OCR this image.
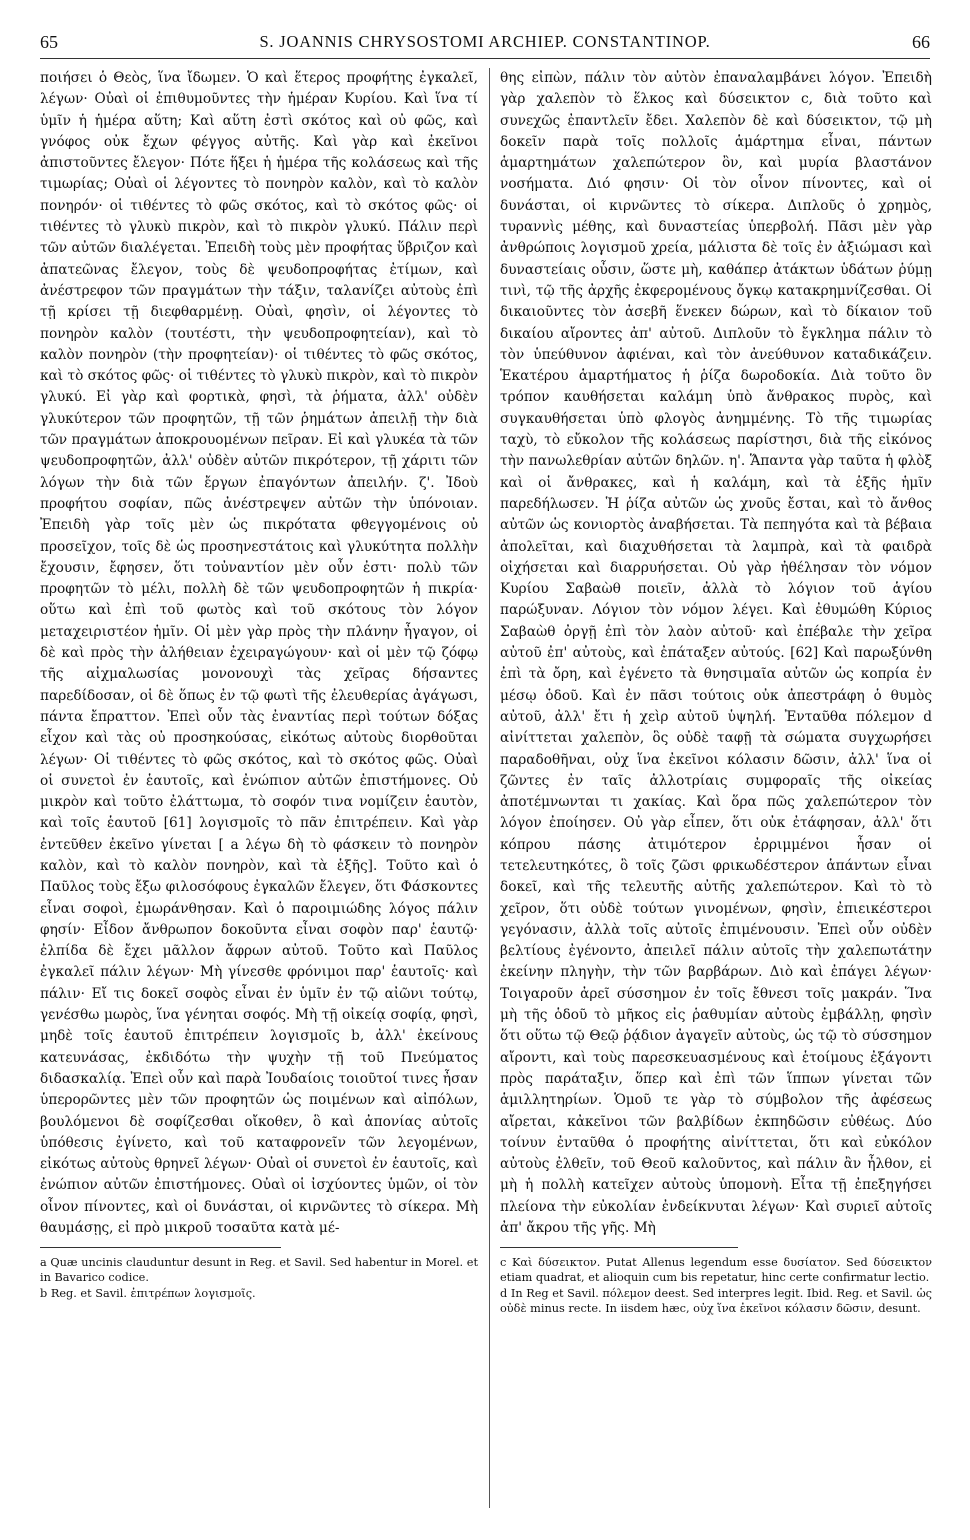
65	S. JOANNIS CHRYSOSTOMI ARCHIEP. CONSTANTINOP.	66

ποιήσει ὁ Θεὸς, ἵνα ἴδωμεν. Ὁ καὶ ἕτερος προφήτης ἐγκαλεῖ, λέγων· Οὐαὶ οἱ ἐπιθυμοῦντες τὴν ἡμέραν Κυρίου. Καὶ ἵνα τί ὑμῖν ἡ ἡμέρα αὕτη; Καὶ αὕτη ἐστὶ σκότος καὶ οὐ φῶς, καὶ γνόφος οὐκ ἔχων φέγγος αὐτῆς. Καὶ γὰρ καὶ ἐκεῖνοι ἀπιστοῦντες ἔλεγον· Πότε ἥξει ἡ ἡμέρα τῆς κολάσεως καὶ τῆς τιμωρίας; Οὐαὶ οἱ λέγοντες τὸ πονηρὸν καλὸν, καὶ τὸ καλὸν πονηρόν· οἱ τιθέντες τὸ φῶς σκότος, καὶ τὸ σκότος φῶς· οἱ τιθέντες τὸ γλυκὺ πικρὸν, καὶ τὸ πικρὸν γλυκύ. Πάλιν περὶ τῶν αὐτῶν διαλέγεται. Ἐπειδὴ τοὺς μὲν προφήτας ὕβριζον καὶ ἀπατεῶνας ἔλεγον, τοὺς δὲ ψευδοπροφήτας ἐτίμων, καὶ ἀνέστρεφον τῶν πραγμάτων τὴν τάξιν, ταλανίζει αὐτοὺς ἐπὶ τῇ κρίσει τῇ διεφθαρμένῃ. Οὐαὶ, φησὶν, οἱ λέγοντες τὸ πονηρὸν καλὸν (τουτέστι, τὴν ψευδοπροφητείαν), καὶ τὸ καλὸν πονηρὸν (τὴν προφητείαν)· οἱ τιθέντες τὸ φῶς σκότος, καὶ τὸ σκότος φῶς· οἱ τιθέντες τὸ γλυκὺ πικρὸν, καὶ τὸ πικρὸν γλυκύ. Εἰ γὰρ καὶ φορτικὰ, φησὶ, τὰ ῥήματα, ἀλλ' οὐδὲν γλυκύτερον τῶν προφητῶν, τῇ τῶν ῥημάτων ἀπειλῇ τὴν διὰ τῶν πραγμάτων ἀποκρουομένων πεῖραν. Εἰ καὶ γλυκέα τὰ τῶν ψευδοπροφητῶν, ἀλλ' οὐδὲν αὐτῶν πικρότερον, τῇ χάριτι τῶν λόγων τὴν διὰ τῶν ἔργων ἐπαγόντων ἀπειλήν. ζ'. Ἰδοὺ προφήτου σοφίαν, πῶς ἀνέστρεψεν αὐτῶν τὴν ὑπόνοιαν. Ἐπειδὴ γὰρ τοῖς μὲν ὡς πικρότατα φθεγγομένοις οὐ προσεῖχον, τοῖς δὲ ὡς προσηνεστάτοις καὶ γλυκύτητα πολλὴν ἔχουσιν, ἔφησεν, ὅτι τοὐναντίον μὲν οὖν ἐστι· πολὺ τῶν προφητῶν τὸ μέλι, πολλὴ δὲ τῶν ψευδοπροφητῶν ἡ πικρία· οὕτω καὶ ἐπὶ τοῦ φωτὸς καὶ τοῦ σκότους τὸν λόγον μεταχειριστέον ἡμῖν. Οἱ μὲν γὰρ πρὸς τὴν πλάνην ἦγαγον, οἱ δὲ καὶ πρὸς τὴν ἀλήθειαν ἐχειραγώγουν· καὶ οἱ μὲν τῷ ζόφῳ τῆς αἰχμαλωσίας μονονουχὶ τὰς χεῖρας δήσαντες παρεδίδοσαν, οἱ δὲ ὅπως ἐν τῷ φωτὶ τῆς ἐλευθερίας ἀγάγωσι, πάντα ἔπραττον. Ἐπεὶ οὖν τὰς ἐναντίας περὶ τούτων δόξας εἶχον καὶ τὰς οὐ προσηκούσας, εἰκότως αὐτοὺς διορθοῦται λέγων· Οἱ τιθέντες τὸ φῶς σκότος, καὶ τὸ σκότος φῶς. Οὐαὶ οἱ συνετοὶ ἐν ἑαυτοῖς, καὶ ἐνώπιον αὐτῶν ἐπιστήμονες. Οὐ μικρὸν καὶ τοῦτο ἐλάττωμα, τὸ σοφόν τινα νομίζειν ἑαυτὸν, καὶ τοῖς ἑαυτοῦ [61] λογισμοῖς τὸ πᾶν ἐπιτρέπειν. Καὶ γὰρ ἐντεῦθεν ἐκεῖνο γίνεται [ a λέγω δὴ τὸ φάσκειν τὸ πονηρὸν καλὸν, καὶ τὸ καλὸν πονηρὸν, καὶ τὰ ἑξῆς]. Τοῦτο καὶ ὁ Παῦλος τοὺς ἔξω φιλοσόφους ἐγκαλῶν ἔλεγεν, ὅτι Φάσκοντες εἶναι σοφοὶ, ἐμωράνθησαν. Καὶ ὁ παροιμιώδης λόγος πάλιν φησίν· Εἶδον ἄνθρωπον δοκοῦντα εἶναι σοφὸν παρ' ἑαυτῷ· ἐλπίδα δὲ ἔχει μᾶλλον ἄφρων αὐτοῦ. Τοῦτο καὶ Παῦλος ἐγκαλεῖ πάλιν λέγων· Μὴ γίνεσθε φρόνιμοι παρ' ἑαυτοῖς· καὶ πάλιν· Εἴ τις δοκεῖ σοφὸς εἶναι ἐν ὑμῖν ἐν τῷ αἰῶνι τούτῳ, γενέσθω μωρὸς, ἵνα γένηται σοφός. Μὴ τῇ οἰκείᾳ σοφίᾳ, φησὶ, μηδὲ τοῖς ἑαυτοῦ ἐπιτρέπειν λογισμοῖς b, ἀλλ' ἐκείνους κατευνάσας, ἐκδιδότω τὴν ψυχὴν τῇ τοῦ Πνεύματος διδασκαλίᾳ. Ἐπεὶ οὖν καὶ παρὰ Ἰουδαίοις τοιοῦτοί τινες ἦσαν ὑπερορῶντες μὲν τῶν προφητῶν ὡς ποιμένων καὶ αἰπόλων, βουλόμενοι δὲ σοφίζεσθαι οἴκοθεν, ὃ καὶ ἀπονίας αὐτοῖς ὑπόθεσις ἐγίνετο, καὶ τοῦ καταφρονεῖν τῶν λεγομένων, εἰκότως αὐτοὺς θρηνεῖ λέγων· Οὐαὶ οἱ συνετοὶ ἐν ἑαυτοῖς, καὶ ἐνώπιον αὐτῶν ἐπιστήμονες. Οὐαὶ οἱ ἰσχύοντες ὑμῶν, οἱ τὸν οἶνον πίνοντες, καὶ οἱ δυνάσται, οἱ κιρνῶντες τὸ σίκερα. Μὴ θαυμάσῃς, εἰ πρὸ μικροῦ τοσαῦτα κατὰ μέ-

a Quæ uncinis clauduntur desunt in Reg. et Savil. Sed habentur in Morel. et in Bavarico codice.

b Reg. et Savil. ἐπιτρέπων λογισμοῖς.

θης εἰπὼν, πάλιν τὸν αὐτὸν ἐπαναλαμβάνει λόγον. Ἐπειδὴ γὰρ χαλεπὸν τὸ ἕλκος καὶ δύσεικτον c, διὰ τοῦτο καὶ συνεχῶς ἐπαντλεῖν ἔδει. Χαλεπὸν δὲ καὶ δύσεικτον, τῷ μὴ δοκεῖν παρὰ τοῖς πολλοῖς ἁμάρτημα εἶναι, πάντων ἁμαρτημάτων χαλεπώτερον ὂν, καὶ μυρία βλαστάνον νοσήματα. Διό φησιν· Οἱ τὸν οἶνον πίνοντες, καὶ οἱ δυνάσται, οἱ κιρνῶντες τὸ σίκερα. Διπλοῦς ὁ χρημὸς, τυραννὶς μέθης, καὶ δυναστείας ὑπερβολή. Πᾶσι μὲν γὰρ ἀνθρώποις λογισμοῦ χρεία, μάλιστα δὲ τοῖς ἐν ἀξιώμασι καὶ δυναστείαις οὖσιν, ὥστε μὴ, καθάπερ ἀτάκτων ὑδάτων ῥύμῃ τινὶ, τῷ τῆς ἀρχῆς ἐκφερομένους ὄγκῳ κατακρημνίζεσθαι. Οἱ δικαιοῦντες τὸν ἀσεβῆ ἕνεκεν δώρων, καὶ τὸ δίκαιον τοῦ δικαίου αἴροντες ἀπ' αὐτοῦ. Διπλοῦν τὸ ἔγκλημα πάλιν τὸ τὸν ὑπεύθυνον ἀφιέναι, καὶ τὸν ἀνεύθυνον καταδικάζειν. Ἑκατέρου ἁμαρτήματος ἡ ῥίζα δωροδοκία. Διὰ τοῦτο ὃν τρόπον καυθήσεται καλάμη ὑπὸ ἄνθρακος πυρὸς, καὶ συγκαυθήσεται ὑπὸ φλογὸς ἀνημμένης. Τὸ τῆς τιμωρίας ταχὺ, τὸ εὔκολον τῆς κολάσεως παρίστησι, διὰ τῆς εἰκόνος τὴν πανωλεθρίαν αὐτῶν δηλῶν. η'. Ἅπαντα γὰρ ταῦτα ἡ φλὸξ καὶ οἱ ἄνθρακες, καὶ ἡ καλάμη, καὶ τὰ ἑξῆς ἡμῖν παρεδήλωσεν. Ἡ ῥίζα αὐτῶν ὡς χνοῦς ἔσται, καὶ τὸ ἄνθος αὐτῶν ὡς κονιορτὸς ἀναβήσεται. Τὰ πεπηγότα καὶ τὰ βέβαια ἀπολεῖται, καὶ διαχυθήσεται τὰ λαμπρὰ, καὶ τὰ φαιδρὰ οἰχήσεται καὶ διαρρυήσεται. Οὐ γὰρ ἠθέλησαν τὸν νόμον Κυρίου Σαβαὼθ ποιεῖν, ἀλλὰ τὸ λόγιον τοῦ ἁγίου παρώξυναν. Λόγιον τὸν νόμον λέγει. Καὶ ἐθυμώθη Κύριος Σαβαὼθ ὀργῇ ἐπὶ τὸν λαὸν αὐτοῦ· καὶ ἐπέβαλε τὴν χεῖρα αὐτοῦ ἐπ' αὐτοὺς, καὶ ἐπάταξεν αὐτούς. [62] Καὶ παρωξύνθη ἐπὶ τὰ ὄρη, καὶ ἐγένετο τὰ θνησιμαῖα αὐτῶν ὡς κοπρία ἐν μέσῳ ὁδοῦ. Καὶ ἐν πᾶσι τούτοις οὐκ ἀπεστράφη ὁ θυμὸς αὐτοῦ, ἀλλ' ἔτι ἡ χεὶρ αὐτοῦ ὑψηλή. Ἐνταῦθα πόλεμον d αἰνίττεται χαλεπὸν, ὃς οὐδὲ ταφῇ τὰ σώματα συγχωρήσει παραδοθῆναι, οὐχ ἵνα ἐκεῖνοι κόλασιν δῶσιν, ἀλλ' ἵνα οἱ ζῶντες ἐν ταῖς ἀλλοτρίαις συμφοραῖς τῆς οἰκείας ἀποτέμνωνται τι χακίας. Καὶ ὅρα πῶς χαλεπώτερον τὸν λόγον ἐποίησεν. Οὐ γὰρ εἶπεν, ὅτι οὐκ ἐτάφησαν, ἀλλ' ὅτι κόπρου πάσης ἀτιμότερον ἐρριμμένοι ἦσαν οἱ τετελευτηκότες, ὃ τοῖς ζῶσι φρικωδέστερον ἁπάντων εἶναι δοκεῖ, καὶ τῆς τελευτῆς αὐτῆς χαλεπώτερον. Καὶ τὸ τὸ χεῖρον, ὅτι οὐδὲ τούτων γινομένων, φησὶν, ἐπιεικέστεροι γεγόνασιν, ἀλλὰ τοῖς αὐτοῖς ἐπιμένουσιν. Ἐπεὶ οὖν οὐδὲν βελτίους ἐγένοντο, ἀπειλεῖ πάλιν αὐτοῖς τὴν χαλεπωτάτην ἐκείνην πληγὴν, τὴν τῶν βαρβάρων. Διὸ καὶ ἐπάγει λέγων· Τοιγαροῦν ἀρεῖ σύσσημον ἐν τοῖς ἔθνεσι τοῖς μακράν. Ἵνα μὴ τῆς ὁδοῦ τὸ μῆκος εἰς ῥαθυμίαν αὐτοὺς ἐμβάλλῃ, φησὶν ὅτι οὕτω τῷ Θεῷ ῥᾴδιον ἀγαγεῖν αὐτοὺς, ὡς τῷ τὸ σύσσημον αἴροντι, καὶ τοὺς παρεσκευασμένους καὶ ἑτοίμους ἐξάγοντι πρὸς παράταξιν, ὅπερ καὶ ἐπὶ τῶν ἵππων γίνεται τῶν ἁμιλλητηρίων. Ὁμοῦ τε γὰρ τὸ σύμβολον τῆς ἀφέσεως αἴρεται, κἀκεῖνοι τῶν βαλβίδων ἐκπηδῶσιν εὐθέως. Δύο τοίνυν ἐνταῦθα ὁ προφήτης αἰνίττεται, ὅτι καὶ εὐκόλον αὐτοὺς ἐλθεῖν, τοῦ Θεοῦ καλοῦντος, καὶ πάλιν ἂν ἦλθον, εἰ μὴ ἡ πολλὴ κατεῖχεν αὐτοὺς ὑπομονὴ. Εἶτα τῇ ἐπεξηγήσει πλείονα τὴν εὐκολίαν ἐνδείκνυται λέγων· Καὶ συριεῖ αὐτοῖς ἀπ' ἄκρου τῆς γῆς. Μὴ

c Καὶ δύσεικτον. Putat Allenus legendum esse δυσίατον. Sed δύσεικτον etiam quadrat, et alioquin cum bis repetatur, hinc certe confirmatur lectio.

d In Reg et Savil. πόλεμον deest. Sed interpres legit. Ibid. Reg. et Savil. ὡς οὐδὲ minus recte. In iisdem hæc, οὐχ ἵνα ἐκεῖνοι κόλασιν δῶσιν, desunt.
